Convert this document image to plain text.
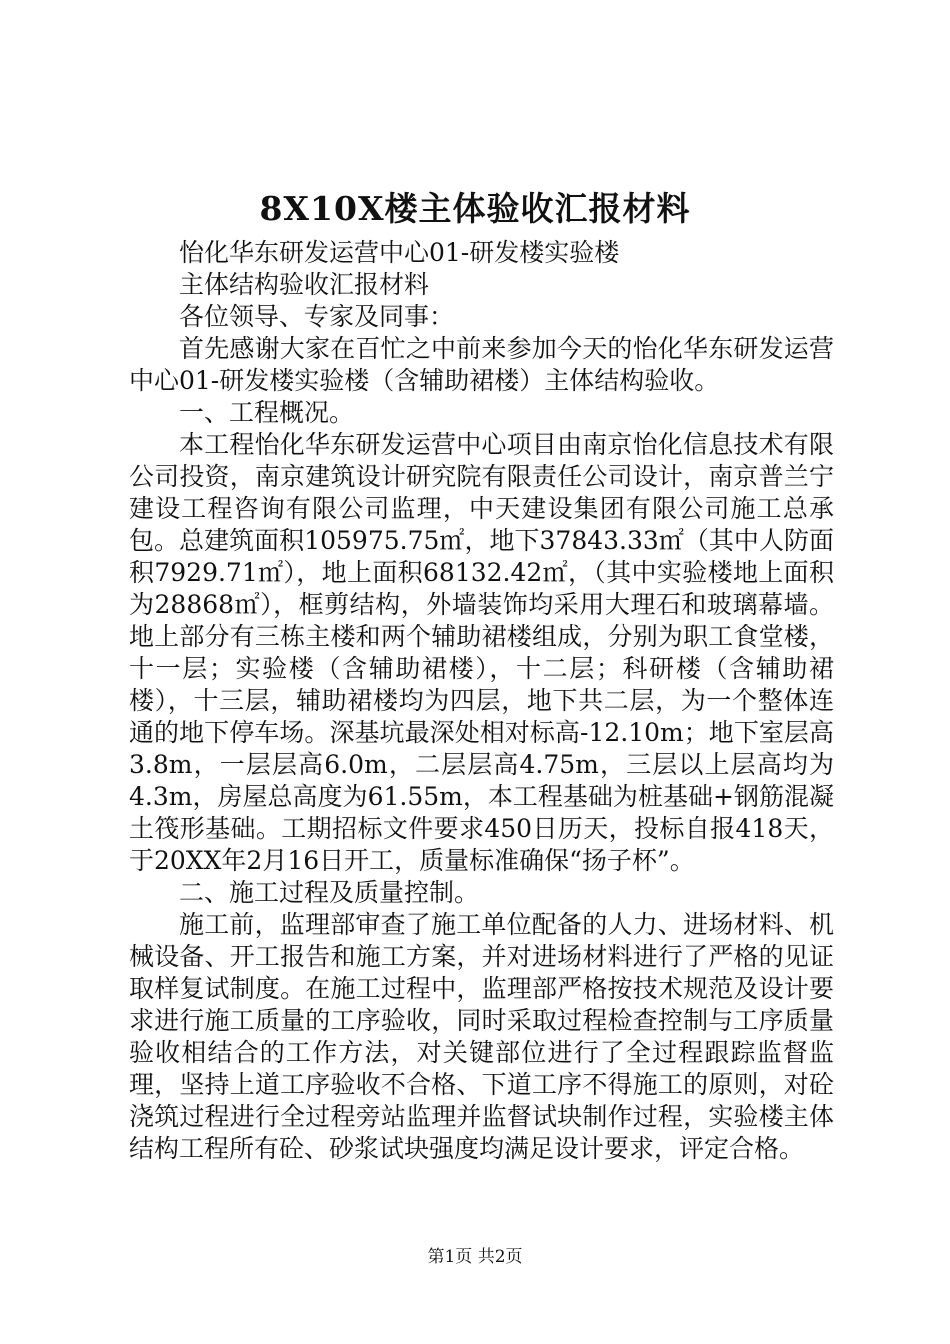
8X10X楼主体验收汇报材料

怡化华东研发运营中心01-研发楼实验楼

主体结构验收汇报材料

各位领导、专家及同事：

首先感谢大家在百忙之中前来参加今天的怡化华东研发运营中心01-研发楼实验楼（含辅助裙楼）主体结构验收。

一、工程概况。

本工程怡化华东研发运营中心项目由南京怡化信息技术有限公司投资，南京建筑设计研究院有限责任公司设计，南京普兰宁建设工程咨询有限公司监理，中天建设集团有限公司施工总承包。总建筑面积105975.75㎡，地下37843.33㎡（其中人防面积7929.71㎡），地上面积68132.42㎡，（其中实验楼地上面积为28868㎡），框剪结构，外墙装饰均采用大理石和玻璃幕墙。地上部分有三栋主楼和两个辅助裙楼组成，分别为职工食堂楼，十一层；实验楼（含辅助裙楼），十二层；科研楼（含辅助裙楼），十三层，辅助裙楼均为四层，地下共二层，为一个整体连通的地下停车场。深基坑最深处相对标高-12.10m；地下室层高3.8m，一层层高6.0m，二层层高4.75m，三层以上层高均为4.3m，房屋总高度为61.55m，本工程基础为桩基础+钢筋混凝土筏形基础。工期招标文件要求450日历天，投标自报418天，于20XX年2月16日开工，质量标准确保“扬子杯”。

二、施工过程及质量控制。

施工前，监理部审查了施工单位配备的人力、进场材料、机械设备、开工报告和施工方案，并对进场材料进行了严格的见证取样复试制度。在施工过程中，监理部严格按技术规范及设计要求进行施工质量的工序验收，同时采取过程检查控制与工序质量验收相结合的工作方法，对关键部位进行了全过程跟踪监督监理，坚持上道工序验收不合格、下道工序不得施工的原则，对砼浇筑过程进行全过程旁站监理并监督试块制作过程，实验楼主体结构工程所有砼、砂浆试块强度均满足设计要求，评定合格。

第1页 共2页
